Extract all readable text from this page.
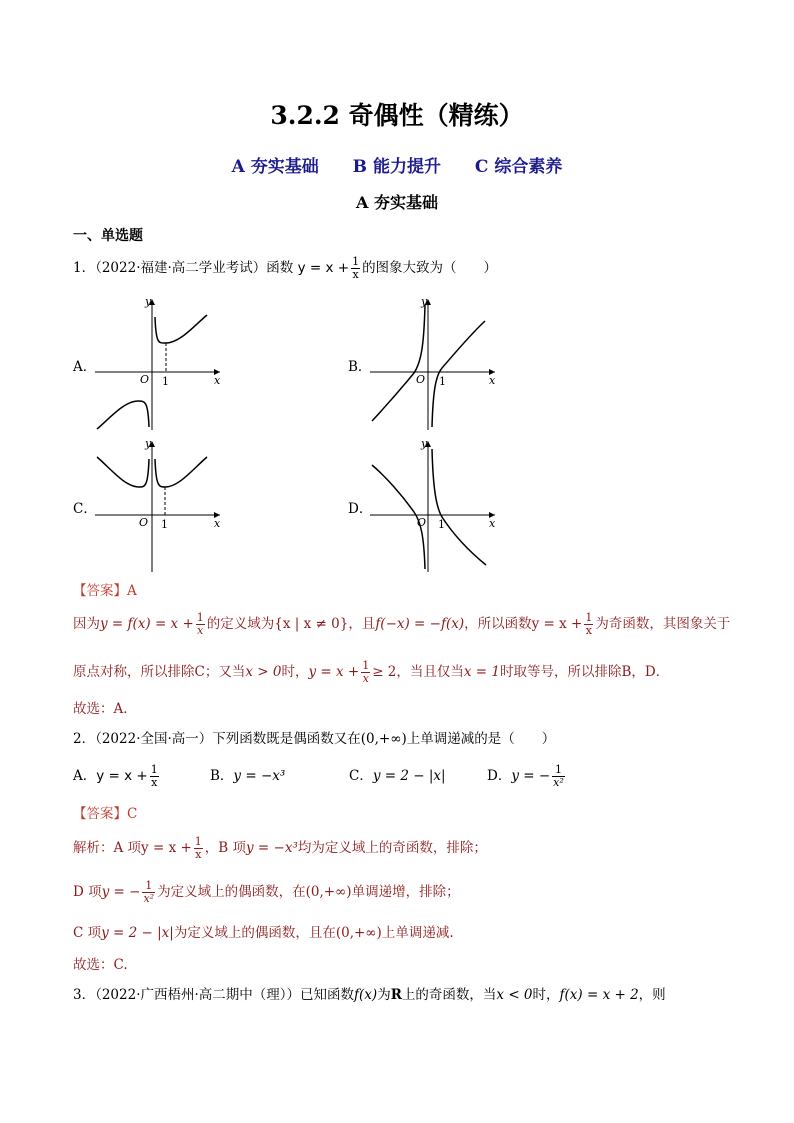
3.2.2 奇偶性（精练）
A 夯实基础 B 能力提升 C 综合素养
A 夯实基础
一、单选题
1．（2022·福建·高二学业考试）函数 $y = x + \frac{1}{x}$ 的图象大致为（　　）
A．
y
x
O 1
B．
y
x
O 1
C．
y
x
O 1
D．
y
x
O 1
【答案】A
因为$y = f(x) = x + \frac{1}{x}$ 的定义域为{x | x ≠ 0}，且f(−x) = −f(x)，所以函数$y = x + \frac{1}{x}$ 为奇函数，其图象关于
原点对称，所以排除C；又当x > 0时，$y = x + \frac{1}{x} \ge 2$，当且仅当x = 1时取等号，所以排除B，D．
故选：A．
2．（2022·全国·高一）下列函数既是偶函数又在(0,+∞)上单调递减的是（　　）
A．$y = x + \frac{1}{x}$	B．y = −x³	C．y = 2 − |x|	D．y = − $\frac{1}{\text{x²}}$
【答案】C
解析：A 项$y = x + \frac{1}{x}$ ，B 项y = −x³均为定义域上的奇函数，排除；
D 项y = − $\frac{1}{\text{x²}}$ 为定义域上的偶函数，在(0,+∞)单调递增，排除；
C 项y = 2 − |x|为定义域上的偶函数，且在(0,+∞)上单调递减.
故选：C.
3．（2022·广西梧州·高二期中（理））已知函数f(x)为R上的奇函数，当x < 0时，f(x) = x + 2，则
